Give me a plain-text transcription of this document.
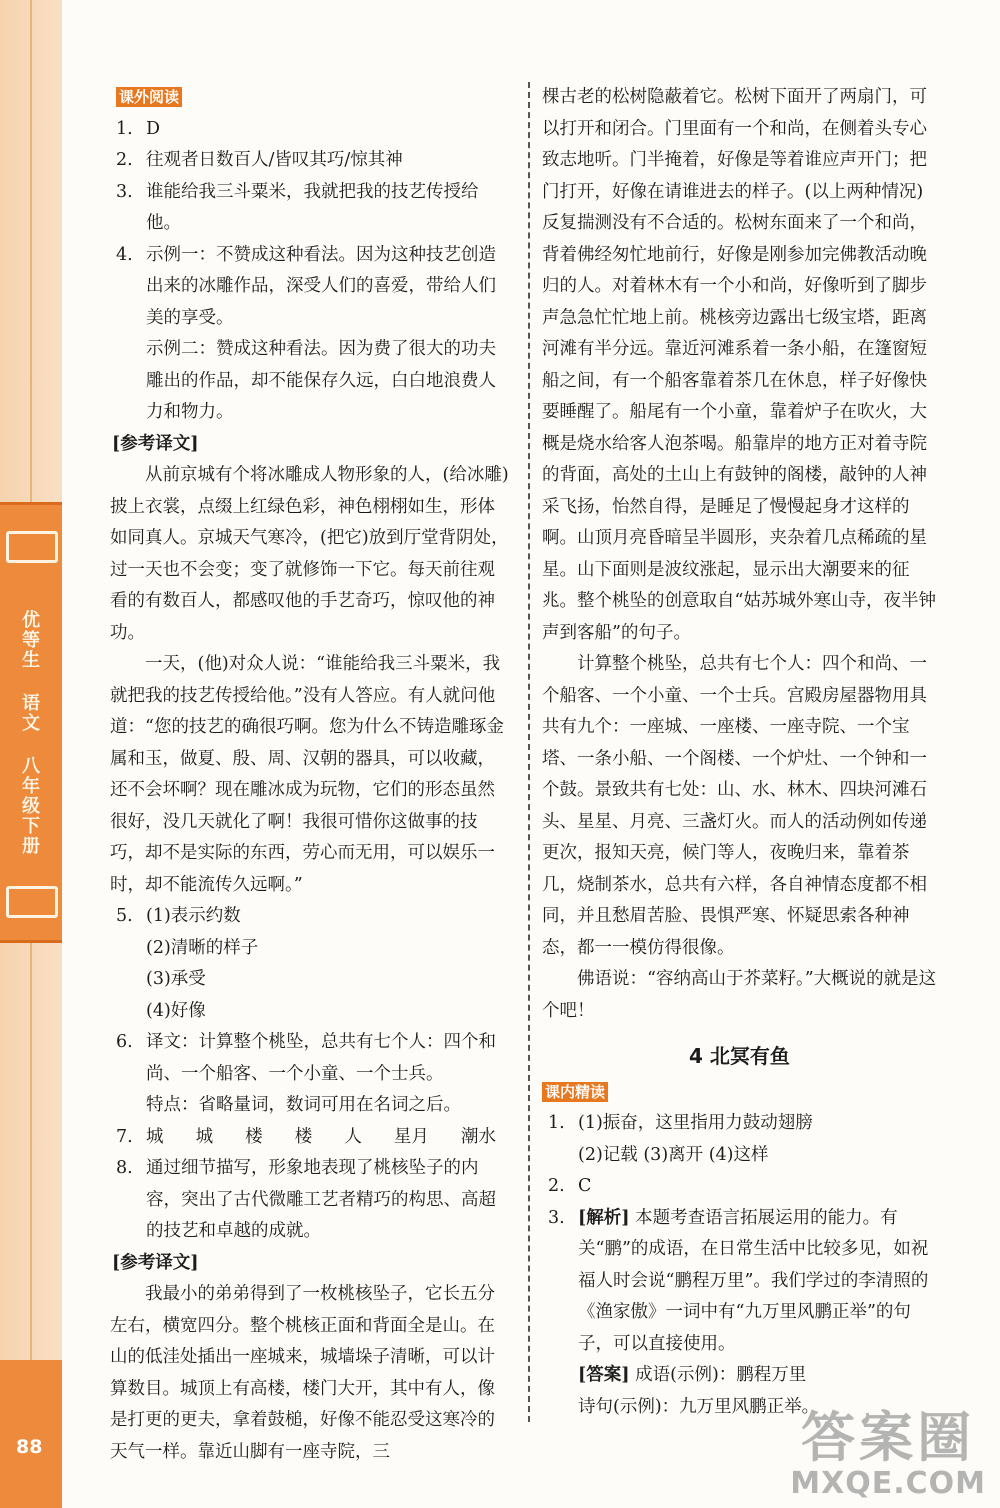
优等生 语文 八年级下册
88
课外阅读
1. D
2. 往观者日数百人/皆叹其巧/惊其神
3. 谁能给我三斗粟米，我就把我的技艺传授给他。
4. 示例一：不赞成这种看法。因为这种技艺创造出来的冰雕作品，深受人们的喜爱，带给人们美的享受。
示例二：赞成这种看法。因为费了很大的功夫雕出的作品，却不能保存久远，白白地浪费人力和物力。
[参考译文]
从前京城有个将冰雕成人物形象的人，(给冰雕)披上衣裳，点缀上红绿色彩，神色栩栩如生，形体如同真人。京城天气寒冷，(把它)放到厅堂背阴处，过一天也不会变；变了就修饰一下它。每天前往观看的有数百人，都感叹他的手艺奇巧，惊叹他的神功。
一天，(他)对众人说：“谁能给我三斗粟米，我就把我的技艺传授给他。”没有人答应。有人就问他道：“您的技艺的确很巧啊。您为什么不铸造雕琢金属和玉，做夏、殷、周、汉朝的器具，可以收藏，还不会坏啊？现在雕冰成为玩物，它们的形态虽然很好，没几天就化了啊！我很可惜你这做事的技巧，却不是实际的东西，劳心而无用，可以娱乐一时，却不能流传久远啊。”
5. (1)表示约数
(2)清晰的样子
(3)承受
(4)好像
6. 译文：计算整个桃坠，总共有七个人：四个和尚、一个船客、一个小童、一个士兵。
特点：省略量词，数词可用在名词之后。
7. 城 城 楼 楼 人 星月 潮水
8. 通过细节描写，形象地表现了桃核坠子的内容，突出了古代微雕工艺者精巧的构思、高超的技艺和卓越的成就。
[参考译文]
我最小的弟弟得到了一枚桃核坠子，它长五分左右，横宽四分。整个桃核正面和背面全是山。在山的低洼处插出一座城来，城墙垛子清晰，可以计算数目。城顶上有高楼，楼门大开，其中有人，像是打更的更夫，拿着鼓槌，好像不能忍受这寒冷的天气一样。靠近山脚有一座寺院，三
棵古老的松树隐蔽着它。松树下面开了两扇门，可以打开和闭合。门里面有一个和尚，在侧着头专心致志地听。门半掩着，好像是等着谁应声开门；把门打开，好像在请谁进去的样子。(以上两种情况)反复揣测没有不合适的。松树东面来了一个和尚，背着佛经匆忙地前行，好像是刚参加完佛教活动晚归的人。对着林木有一个小和尚，好像听到了脚步声急急忙忙地上前。桃核旁边露出七级宝塔，距离河滩有半分远。靠近河滩系着一条小船，在篷窗短船之间，有一个船客靠着茶几在休息，样子好像快要睡醒了。船尾有一个小童，靠着炉子在吹火，大概是烧水给客人泡茶喝。船靠岸的地方正对着寺院的背面，高处的土山上有鼓钟的阁楼，敲钟的人神采飞扬，怡然自得，是睡足了慢慢起身才这样的啊。山顶月亮昏暗呈半圆形，夹杂着几点稀疏的星星。山下面则是波纹涨起，显示出大潮要来的征兆。整个桃坠的创意取自“姑苏城外寒山寺，夜半钟声到客船”的句子。
计算整个桃坠，总共有七个人：四个和尚、一个船客、一个小童、一个士兵。宫殿房屋器物用具共有九个：一座城、一座楼、一座寺院、一个宝塔、一条小船、一个阁楼、一个炉灶、一个钟和一个鼓。景致共有七处：山、水、林木、四块河滩石头、星星、月亮、三盏灯火。而人的活动例如传递更次，报知天亮，候门等人，夜晚归来，靠着茶几，烧制茶水，总共有六样，各自神情态度都不相同，并且愁眉苦脸、畏惧严寒、怀疑思索各种神态，都一一模仿得很像。
佛语说：“容纳高山于芥菜籽。”大概说的就是这个吧！
4 北冥有鱼
课内精读
1. (1)振奋，这里指用力鼓动翅膀
(2)记载 (3)离开 (4)这样
2. C
3. [解析] 本题考查语言拓展运用的能力。有关“鹏”的成语，在日常生活中比较多见，如祝福人时会说“鹏程万里”。我们学过的李清照的《渔家傲》一词中有“九万里风鹏正举”的句子，可以直接使用。
[答案] 成语(示例)：鹏程万里
诗句(示例)：九万里风鹏正举。
答案圈
MXQE.COM
